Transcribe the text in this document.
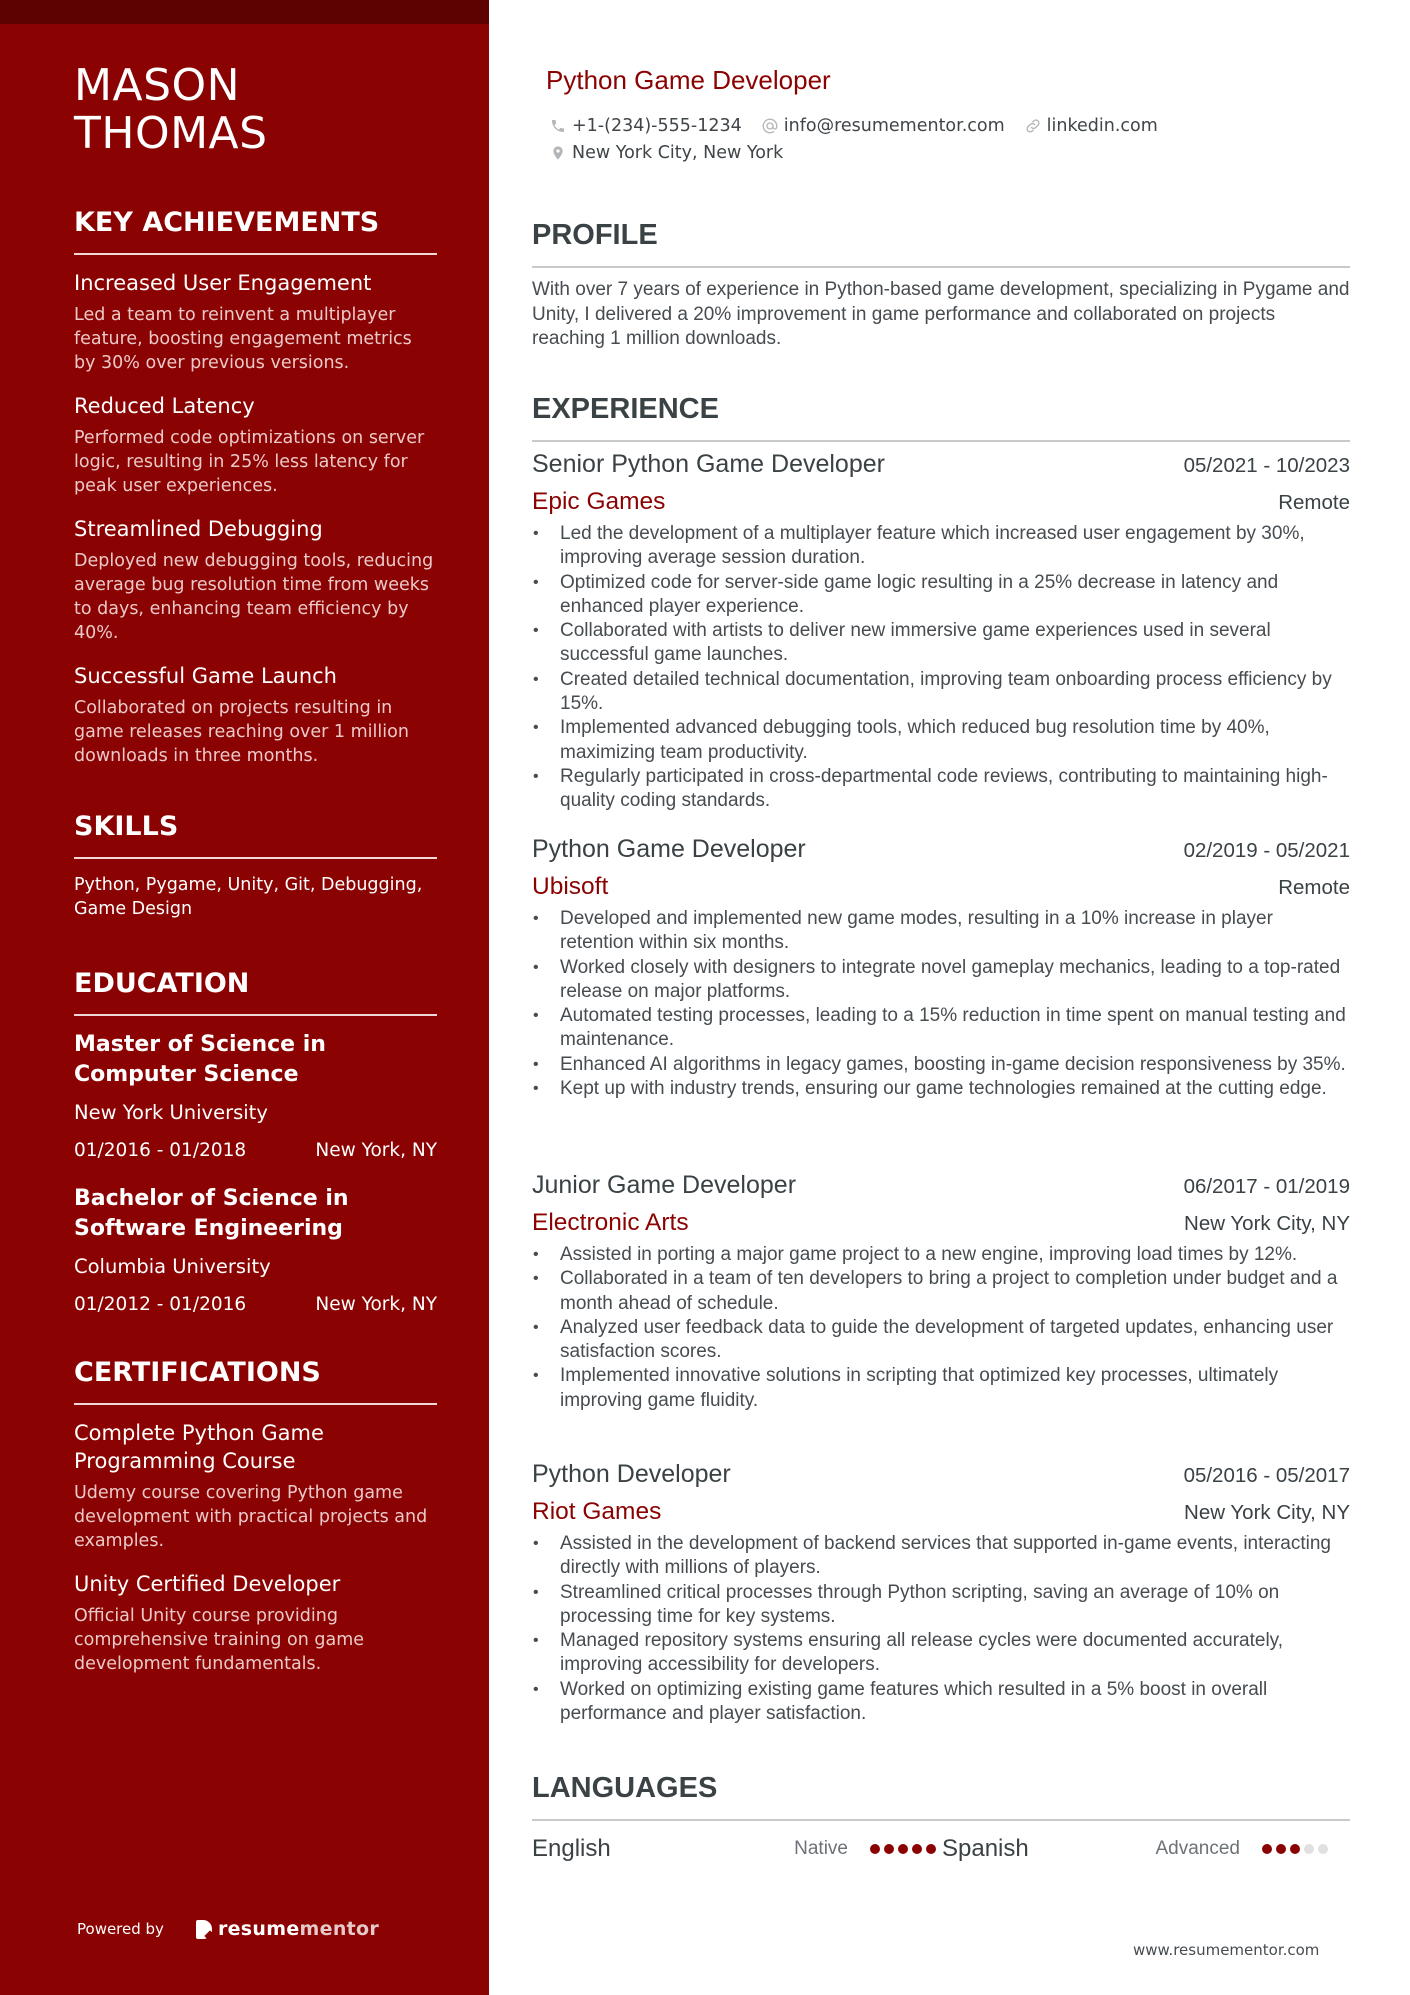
MASON
THOMAS
KEY ACHIEVEMENTS
Increased User Engagement
Led a team to reinvent a multiplayer feature, boosting engagement metrics by 30% over previous versions.
Reduced Latency
Performed code optimizations on server logic, resulting in 25% less latency for peak user experiences.
Streamlined Debugging
Deployed new debugging tools, reducing average bug resolution time from weeks to days, enhancing team efficiency by 40%.
Successful Game Launch
Collaborated on projects resulting in game releases reaching over 1 million downloads in three months.
SKILLS
Python, Pygame, Unity, Git, Debugging, Game Design
EDUCATION
Master of Science in Computer Science
New York University
01/2016 - 01/2018	New York, NY
Bachelor of Science in Software Engineering
Columbia University
01/2012 - 01/2016	New York, NY
CERTIFICATIONS
Complete Python Game Programming Course
Udemy course covering Python game development with practical projects and examples.
Unity Certified Developer
Official Unity course providing comprehensive training on game development fundamentals.
Powered by	resume mentor
Python Game Developer
+1-(234)-555-1234 info@resumementor.com linkedin.com
New York City, New York
PROFILE

With over 7 years of experience in Python-based game development, specializing in Pygame and Unity, I delivered a 20% improvement in game performance and collaborated on projects reaching 1 million downloads.

EXPERIENCE
Senior Python Game Developer	05/2021 - 10/2023
Epic Games	Remote
• Led the development of a multiplayer feature which increased user engagement by 30%, improving average session duration.
• Optimized code for server-side game logic resulting in a 25% decrease in latency and enhanced player experience.
• Collaborated with artists to deliver new immersive game experiences used in several successful game launches.
• Created detailed technical documentation, improving team onboarding process efficiency by 15%.
• Implemented advanced debugging tools, which reduced bug resolution time by 40%, maximizing team productivity.
• Regularly participated in cross-departmental code reviews, contributing to maintaining high-quality coding standards.
Python Game Developer	02/2019 - 05/2021
Ubisoft	Remote
• Developed and implemented new game modes, resulting in a 10% increase in player retention within six months.
• Worked closely with designers to integrate novel gameplay mechanics, leading to a top-rated release on major platforms.
• Automated testing processes, leading to a 15% reduction in time spent on manual testing and maintenance.
• Enhanced AI algorithms in legacy games, boosting in-game decision responsiveness by 35%.
• Kept up with industry trends, ensuring our game technologies remained at the cutting edge.
Junior Game Developer	06/2017 - 01/2019
Electronic Arts	New York City, NY
• Assisted in porting a major game project to a new engine, improving load times by 12%.
• Collaborated in a team of ten developers to bring a project to completion under budget and a month ahead of schedule.
• Analyzed user feedback data to guide the development of targeted updates, enhancing user satisfaction scores.
• Implemented innovative solutions in scripting that optimized key processes, ultimately improving game fluidity.
Python Developer	05/2016 - 05/2017
Riot Games	New York City, NY
• Assisted in the development of backend services that supported in-game events, interacting directly with millions of players.
• Streamlined critical processes through Python scripting, saving an average of 10% on processing time for key systems.
• Managed repository systems ensuring all release cycles were documented accurately, improving accessibility for developers.
• Worked on optimizing existing game features which resulted in a 5% boost in overall performance and player satisfaction.
LANGUAGES
English	Native	Spanish	Advanced
www.resumementor.com
